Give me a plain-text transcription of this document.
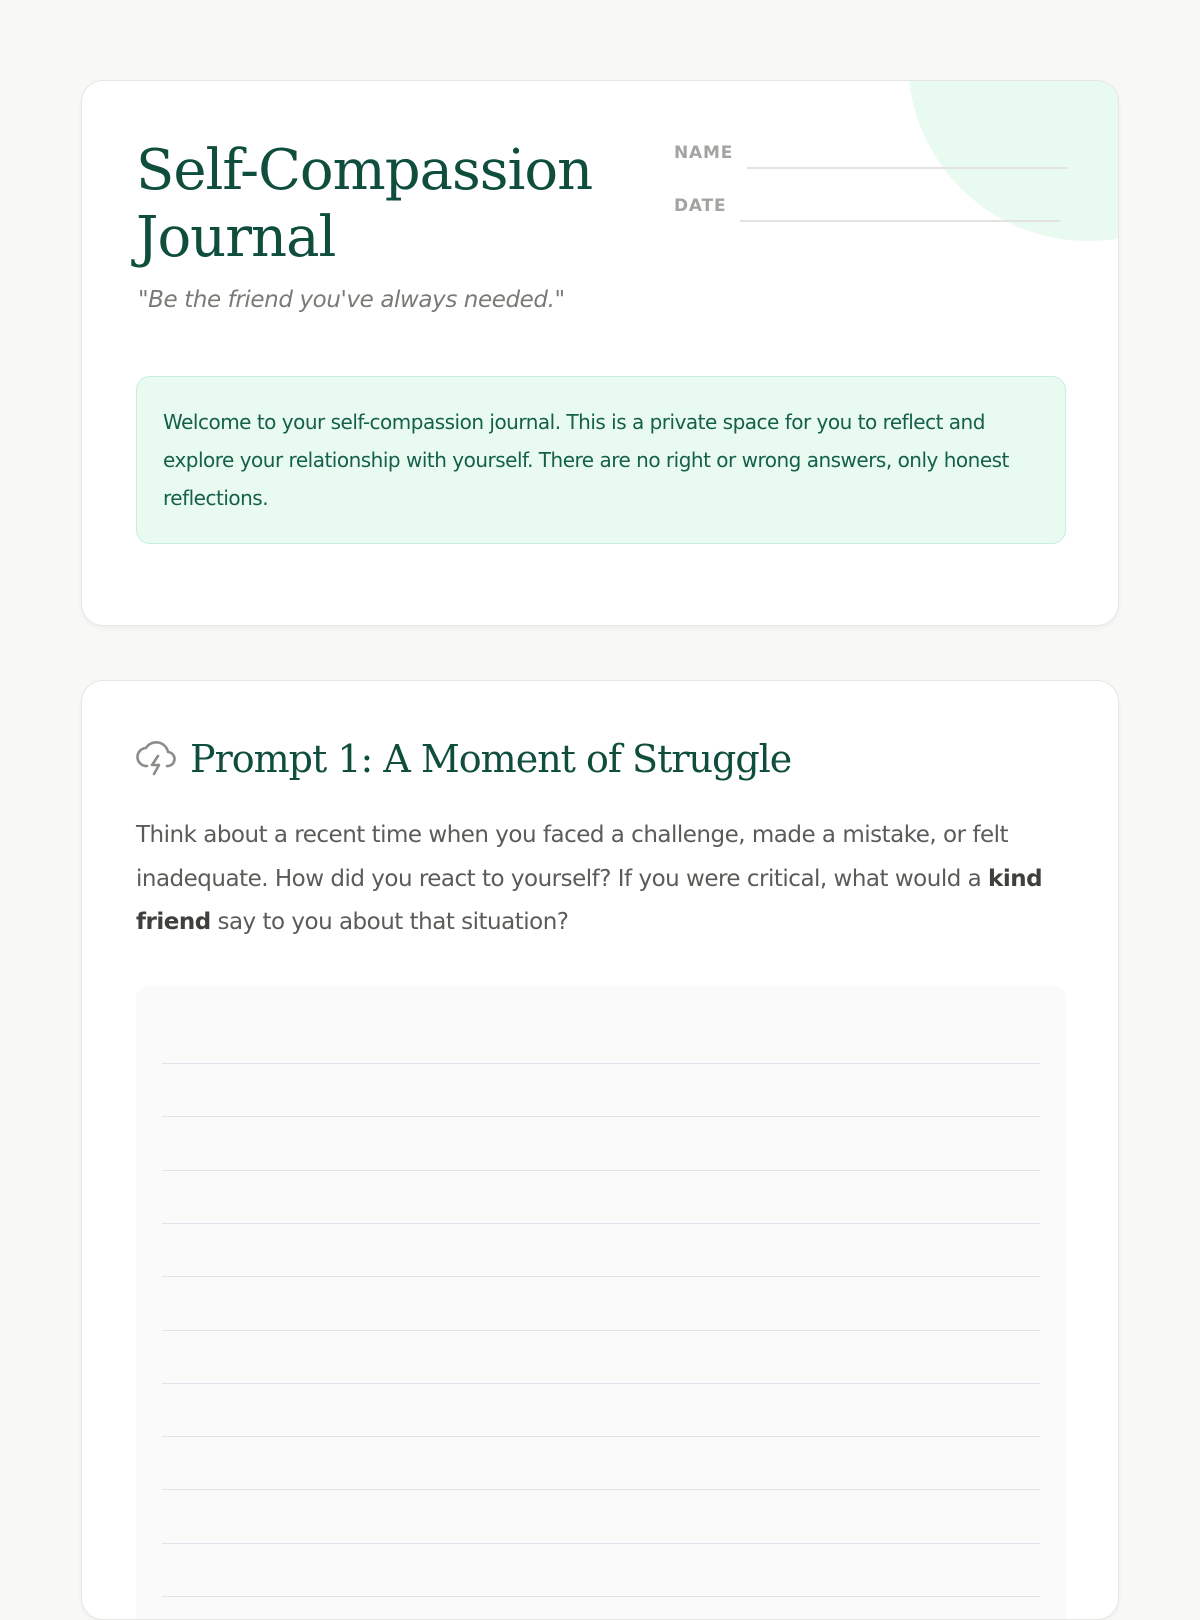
Self-Compassion
Journal

"Be the friend you've always needed."

NAME
DATE

Welcome to your self-compassion journal. This is a private space for you to reflect and explore your relationship with yourself. There are no right or wrong answers, only honest reflections.

Prompt 1: A Moment of Struggle

Think about a recent time when you faced a challenge, made a mistake, or felt inadequate. How did you react to yourself? If you were critical, what would a kind friend say to you about that situation?
